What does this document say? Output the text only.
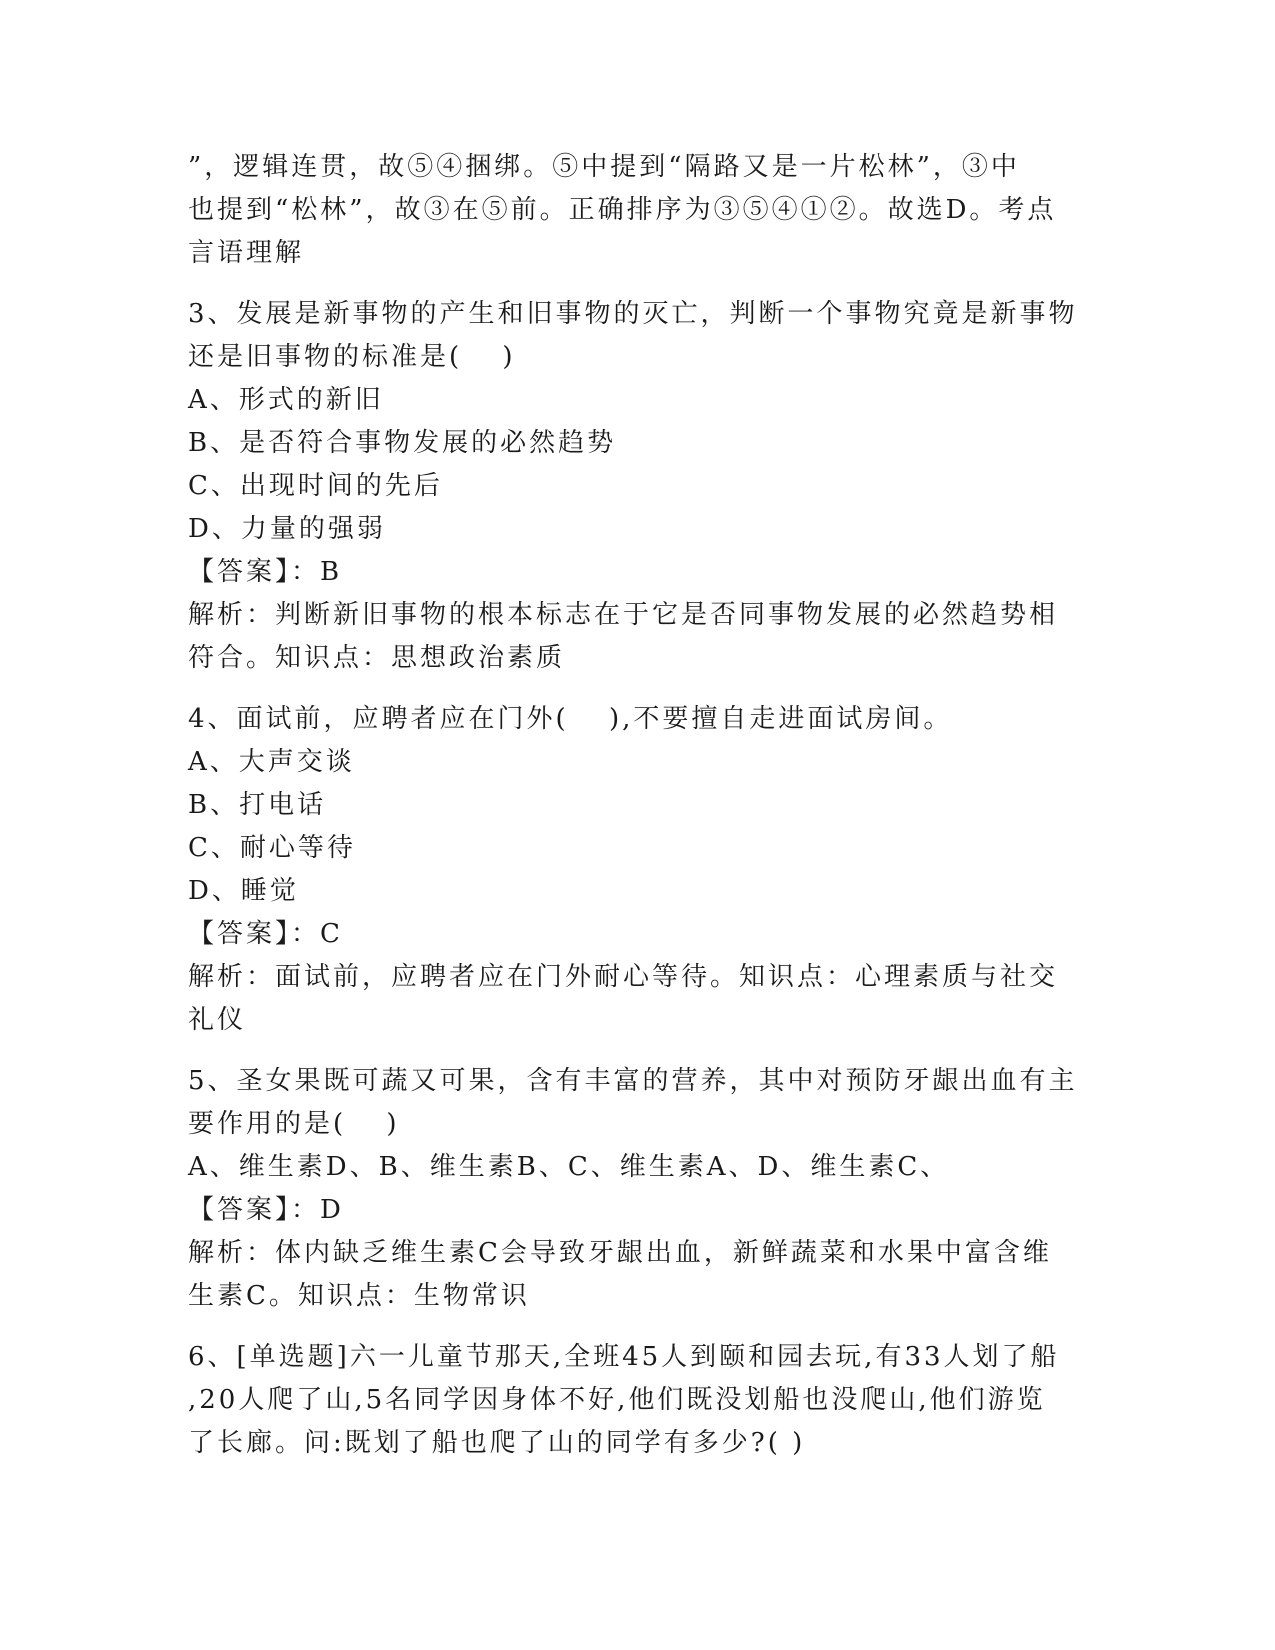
”，逻辑连贯，故⑤④捆绑。⑤中提到“隔路又是一片松林”，③中
也提到“松林”，故③在⑤前。正确排序为③⑤④①②。故选D。考点
言语理解
3、发展是新事物的产生和旧事物的灭亡，判断一个事物究竟是新事物
还是旧事物的标准是(　 )
A、形式的新旧
B、是否符合事物发展的必然趋势
C、出现时间的先后
D、力量的强弱
【答案】：B
解析：判断新旧事物的根本标志在于它是否同事物发展的必然趋势相
符合。知识点：思想政治素质
4、面试前，应聘者应在门外(　 ),不要擅自走进面试房间。
A、大声交谈
B、打电话
C、耐心等待
D、睡觉
【答案】：C
解析：面试前，应聘者应在门外耐心等待。知识点：心理素质与社交
礼仪
5、圣女果既可蔬又可果，含有丰富的营养，其中对预防牙龈出血有主
要作用的是(　 )
A、维生素D、B、维生素B、C、维生素A、D、维生素C、
【答案】：D
解析：体内缺乏维生素C会导致牙龈出血，新鲜蔬菜和水果中富含维
生素C。知识点：生物常识
6、[单选题]六一儿童节那天,全班45人到颐和园去玩,有33人划了船
,20人爬了山,5名同学因身体不好,他们既没划船也没爬山,他们游览
了长廊。问:既划了船也爬了山的同学有多少?( )
